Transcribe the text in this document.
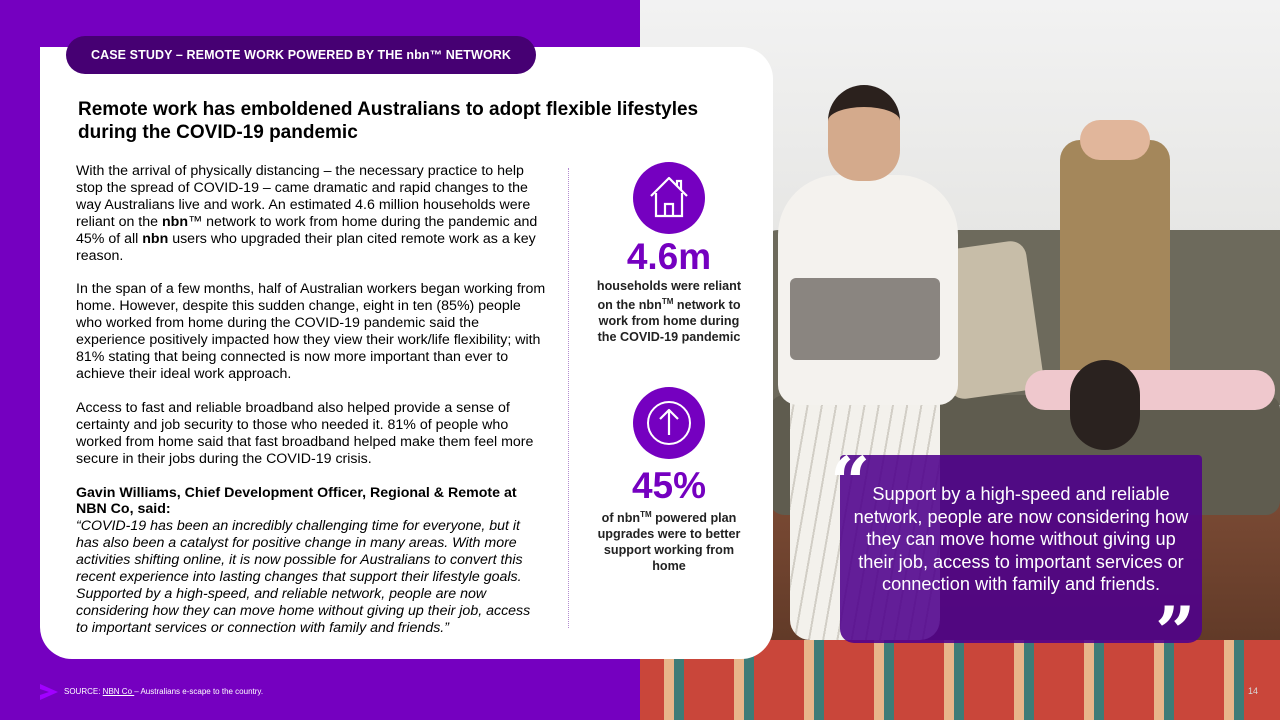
Support by a high-speed and reliable network, people are now considering how they can move home without giving up their job, access to important services or connection with family and friends.
“
”
CASE STUDY – REMOTE WORK POWERED BY THE nbn™ NETWORK
Remote work has emboldened Australians to adopt flexible lifestyles during the COVID-19 pandemic

With the arrival of physically distancing – the necessary practice to help stop the spread of COVID-19 – came dramatic and rapid changes to the way Australians live and work. An estimated 4.6 million households were reliant on the nbn™ network to work from home during the pandemic and 45% of all nbn users who upgraded their plan cited remote work as a key reason.

In the span of a few months, half of Australian workers began working from home. However, despite this sudden change, eight in ten (85%) people who worked from home during the COVID-19 pandemic said the experience positively impacted how they view their work/life flexibility; with 81% stating that being connected is now more important than ever to achieve their ideal work approach.

Access to fast and reliable broadband also helped provide a sense of certainty and job security to those who needed it. 81% of people who worked from home said that fast broadband helped make them feel more secure in their jobs during the COVID-19 crisis.

Gavin Williams, Chief Development Officer, Regional & Remote at NBN Co, said:
“COVID-19 has been an incredibly challenging time for everyone, but it has also been a catalyst for positive change in many areas. With more activities shifting online, it is now possible for Australians to convert this recent experience into lasting changes that support their lifestyle goals. Supported by a high-speed, and reliable network, people are now considering how they can move home without giving up their job, access to important services or connection with family and friends.”
4.6m
households were reliant on the nbn™ network to work from home during the COVID-19 pandemic
45%
of nbn™ powered plan upgrades were to better support working from home
SOURCE: NBN Co – Australians e-scape to the country.	14
